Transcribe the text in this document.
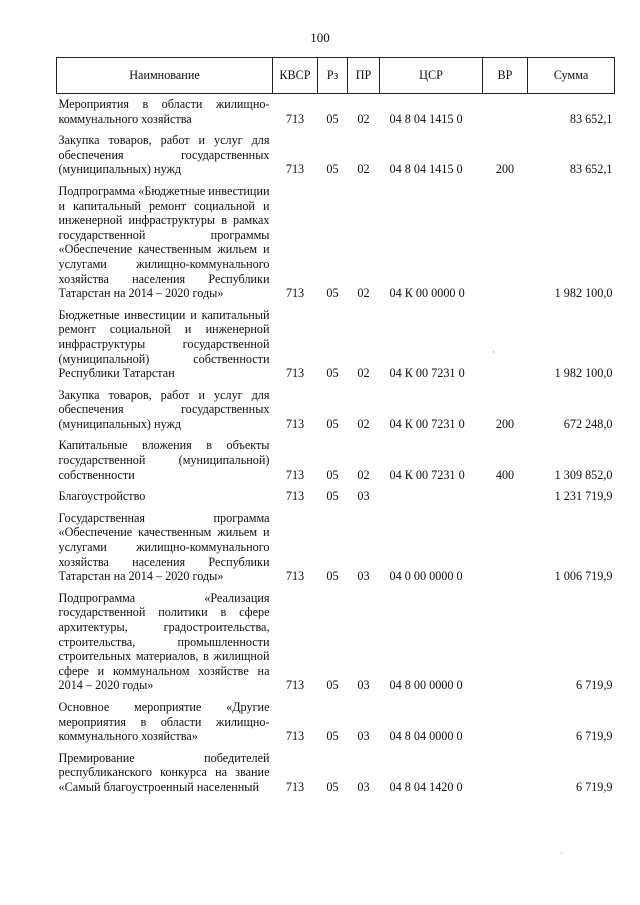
100
Наимнование	КВСР	Рз	ПР	ЦСР	ВР	Сумма
Мероприятия в области жилищно-коммунального хозяйства	713	05	02	04 8 04 1415 0		83 652,1
Закупка товаров, работ и услуг для обеспечения государственных (муниципальных) нужд	713	05	02	04 8 04 1415 0	200	83 652,1
Подпрограмма «Бюджетные инвестиции и капитальный ремонт социальной и инженерной инфраструктуры в рамках государственной программы «Обеспечение качественным жильем и услугами жилищно-коммунального хозяйства населения Республики Татарстан на 2014 – 2020 годы»	713	05	02	04 К 00 0000 0		1 982 100,0
Бюджетные инвестиции и капитальный ремонт социальной и инженерной инфраструктуры государственной (муниципальной) собственности Республики Татарстан	713	05	02	04 К 00 7231 0		1 982 100,0
Закупка товаров, работ и услуг для обеспечения государственных (муниципальных) нужд	713	05	02	04 К 00 7231 0	200	672 248,0
Капитальные вложения в объекты государственной (муниципальной) собственности	713	05	02	04 К 00 7231 0	400	1 309 852,0
Благоустройство	713	05	03			1 231 719,9
Государственная программа «Обеспечение качественным жильем и услугами жилищно-коммунального хозяйства населения Республики Татарстан на 2014 – 2020 годы»	713	05	03	04 0 00 0000 0		1 006 719,9
Подпрограмма «Реализация государственной политики в сфере архитектуры, градостроительства, строительства, промышленности строительных материалов, в жилищной сфере и коммунальном хозяйстве на 2014 – 2020 годы»	713	05	03	04 8 00 0000 0		6 719,9
Основное мероприятие «Другие мероприятия в области жилищно-коммунального хозяйства»	713	05	03	04 8 04 0000 0		6 719,9
Премирование победителей республиканского конкурса на звание «Самый благоустроенный населенный	713	05	03	04 8 04 1420 0		6 719,9
·
·
